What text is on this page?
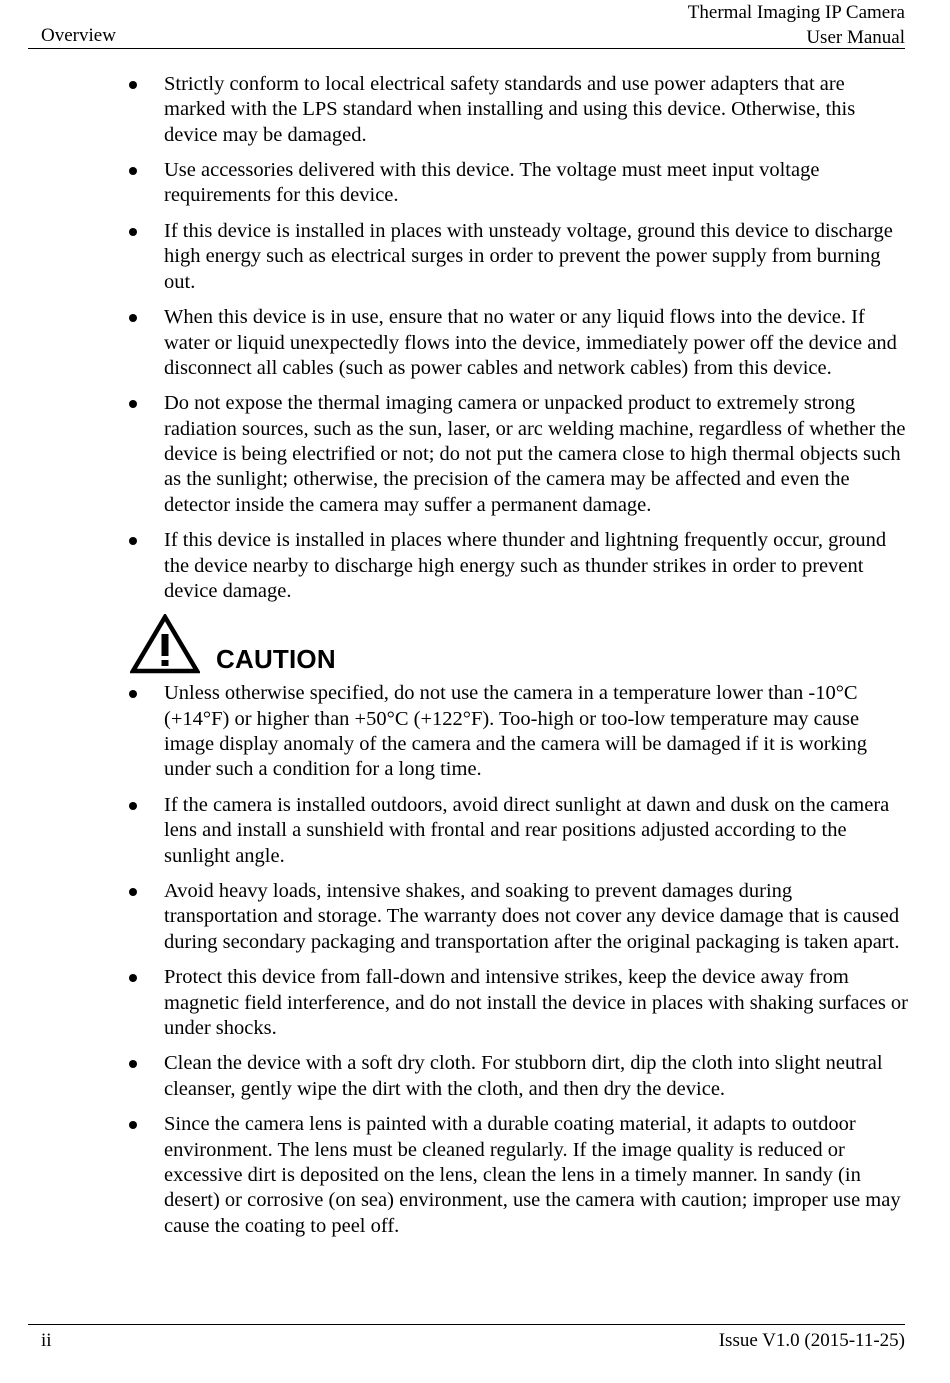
Overview
Thermal Imaging IP Camera
User Manual
Strictly conform to local electrical safety standards and use power adapters that are marked with the LPS standard when installing and using this device. Otherwise, this device may be damaged.
Use accessories delivered with this device. The voltage must meet input voltage requirements for this device.
If this device is installed in places with unsteady voltage, ground this device to discharge high energy such as electrical surges in order to prevent the power supply from burning out.
When this device is in use, ensure that no water or any liquid flows into the device. If water or liquid unexpectedly flows into the device, immediately power off the device and disconnect all cables (such as power cables and network cables) from this device.
Do not expose the thermal imaging camera or unpacked product to extremely strong radiation sources, such as the sun, laser, or arc welding machine, regardless of whether the device is being electrified or not; do not put the camera close to high thermal objects such as the sunlight; otherwise, the precision of the camera may be affected and even the detector inside the camera may suffer a permanent damage.
If this device is installed in places where thunder and lightning frequently occur, ground the device nearby to discharge high energy such as thunder strikes in order to prevent device damage.
CAUTION
Unless otherwise specified, do not use the camera in a temperature lower than -10°C (+14°F) or higher than +50°C (+122°F). Too-high or too-low temperature may cause image display anomaly of the camera and the camera will be damaged if it is working under such a condition for a long time.
If the camera is installed outdoors, avoid direct sunlight at dawn and dusk on the camera lens and install a sunshield with frontal and rear positions adjusted according to the sunlight angle.
Avoid heavy loads, intensive shakes, and soaking to prevent damages during transportation and storage. The warranty does not cover any device damage that is caused during secondary packaging and transportation after the original packaging is taken apart.
Protect this device from fall-down and intensive strikes, keep the device away from magnetic field interference, and do not install the device in places with shaking surfaces or under shocks.
Clean the device with a soft dry cloth. For stubborn dirt, dip the cloth into slight neutral cleanser, gently wipe the dirt with the cloth, and then dry the device.
Since the camera lens is painted with a durable coating material, it adapts to outdoor environment. The lens must be cleaned regularly. If the image quality is reduced or excessive dirt is deposited on the lens, clean the lens in a timely manner. In sandy (in desert) or corrosive (on sea) environment, use the camera with caution; improper use may cause the coating to peel off.
ii	Issue V1.0 (2015-11-25)
